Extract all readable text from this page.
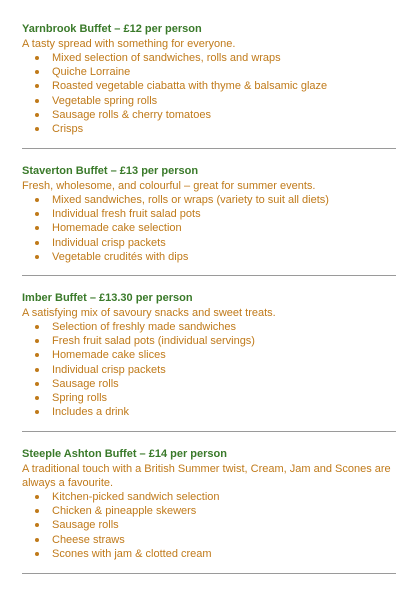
Yarnbrook Buffet – £12 per person
A tasty spread with something for everyone.
Mixed selection of sandwiches, rolls and wraps
Quiche Lorraine
Roasted vegetable ciabatta with thyme & balsamic glaze
Vegetable spring rolls
Sausage rolls & cherry tomatoes
Crisps
Staverton Buffet – £13 per person
Fresh, wholesome, and colourful – great for summer events.
Mixed sandwiches, rolls or wraps (variety to suit all diets)
Individual fresh fruit salad pots
Homemade cake selection
Individual crisp packets
Vegetable crudités with dips
Imber Buffet – £13.30 per person
A satisfying mix of savoury snacks and sweet treats.
Selection of freshly made sandwiches
Fresh fruit salad pots (individual servings)
Homemade cake slices
Individual crisp packets
Sausage rolls
Spring rolls
Includes a drink
Steeple Ashton Buffet – £14 per person
A traditional touch with a British Summer twist, Cream, Jam and Scones are always a favourite.
Kitchen-picked sandwich selection
Chicken & pineapple skewers
Sausage rolls
Cheese straws
Scones with jam & clotted cream
